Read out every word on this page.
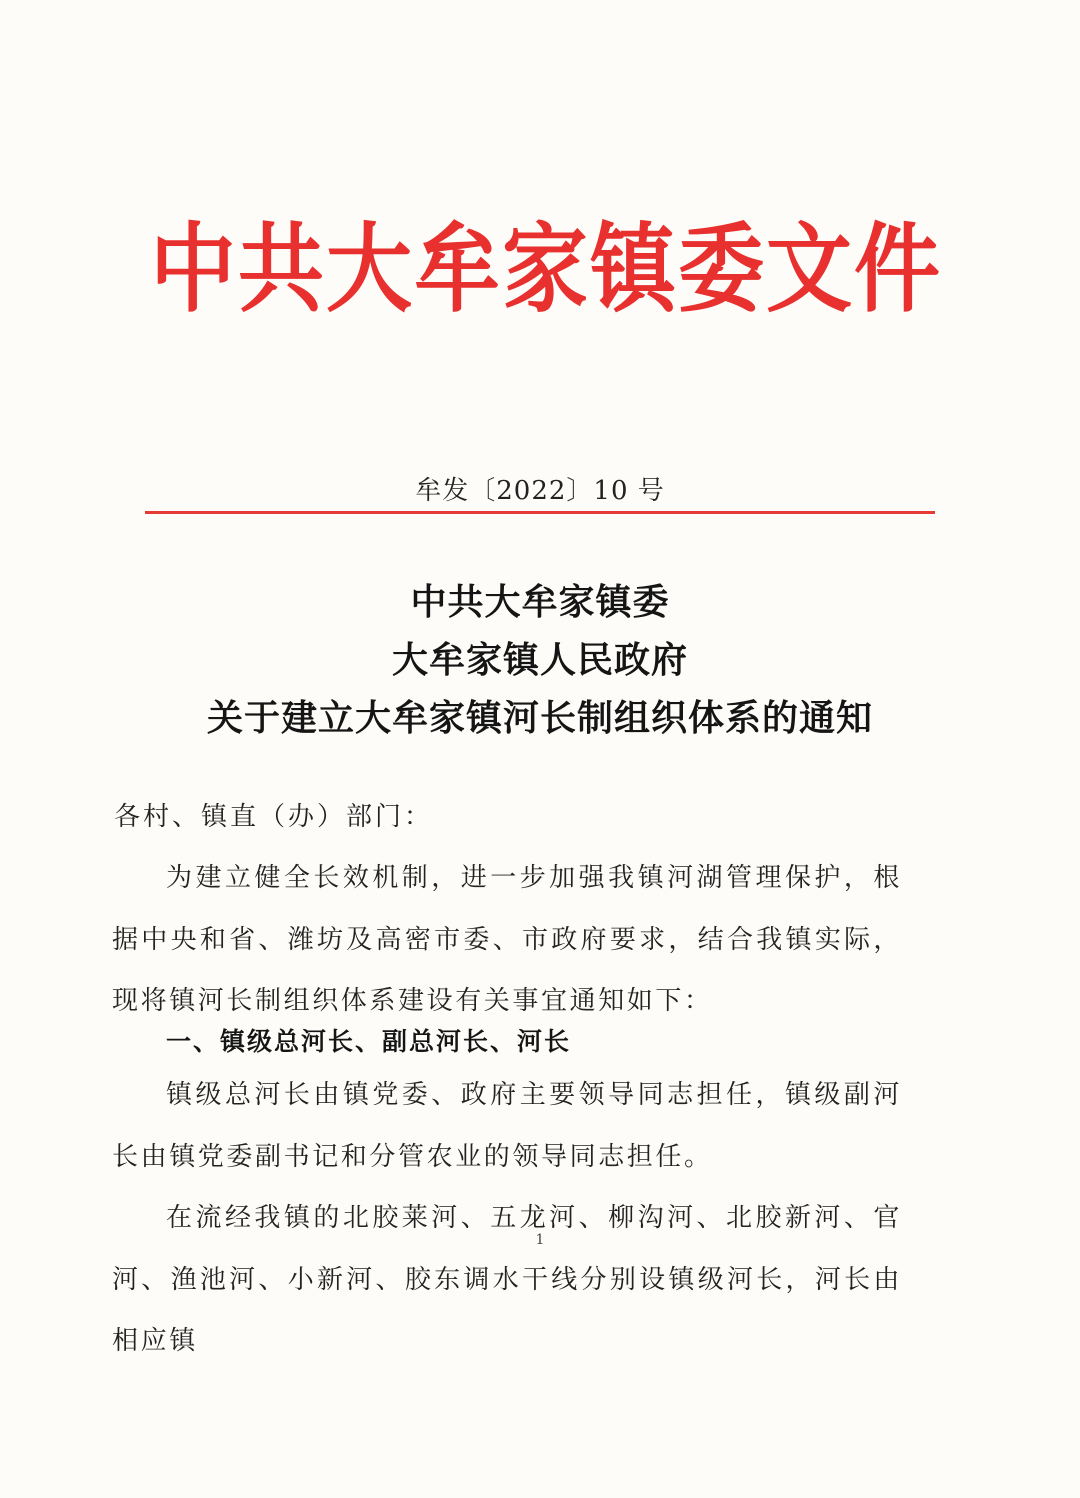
中共大牟家镇委文件
牟发〔2022〕10 号
中共大牟家镇委
大牟家镇人民政府
关于建立大牟家镇河长制组织体系的通知
各村、镇直（办）部门：
为建立健全长效机制，进一步加强我镇河湖管理保护，根据中央和省、潍坊及高密市委、市政府要求，结合我镇实际，现将镇河长制组织体系建设有关事宜通知如下：
一、镇级总河长、副总河长、河长
镇级总河长由镇党委、政府主要领导同志担任，镇级副河长由镇党委副书记和分管农业的领导同志担任。
在流经我镇的北胶莱河、五龙河、柳沟河、北胶新河、官河、渔池河、小新河、胶东调水干线分别设镇级河长，河长由相应镇
1
